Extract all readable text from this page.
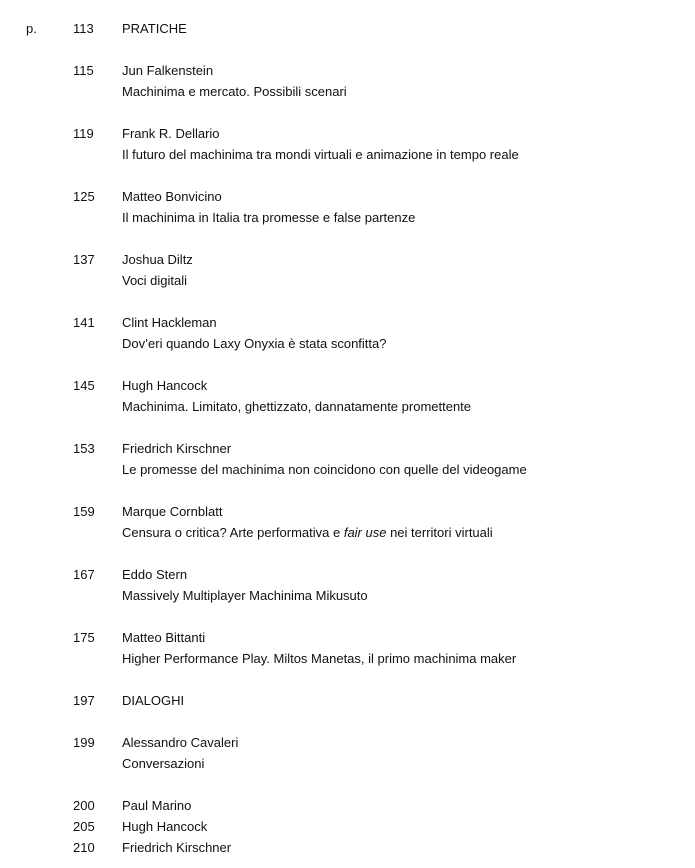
p.	113	PRATICHE
115	Jun Falkenstein
Machinima e mercato. Possibili scenari
119	Frank R. Dellario
Il futuro del machinima tra mondi virtuali e animazione in tempo reale
125	Matteo Bonvicino
Il machinima in Italia tra promesse e false partenze
137	Joshua Diltz
Voci digitali
141	Clint Hackleman
Dov’eri quando Laxy Onyxia è stata sconfitta?
145	Hugh Hancock
Machinima. Limitato, ghettizzato, dannatamente promettente
153	Friedrich Kirschner
Le promesse del machinima non coincidono con quelle del videogame
159	Marque Cornblatt
Censura o critica? Arte performativa e fair use nei territori virtuali
167	Eddo Stern
Massively Multiplayer Machinima Mikusuto
175	Matteo Bittanti
Higher Performance Play. Miltos Manetas, il primo machinima maker
197	DIALOGHI
199	Alessandro Cavaleri
Conversazioni
200	Paul Marino
205	Hugh Hancock
210	Friedrich Kirschner
